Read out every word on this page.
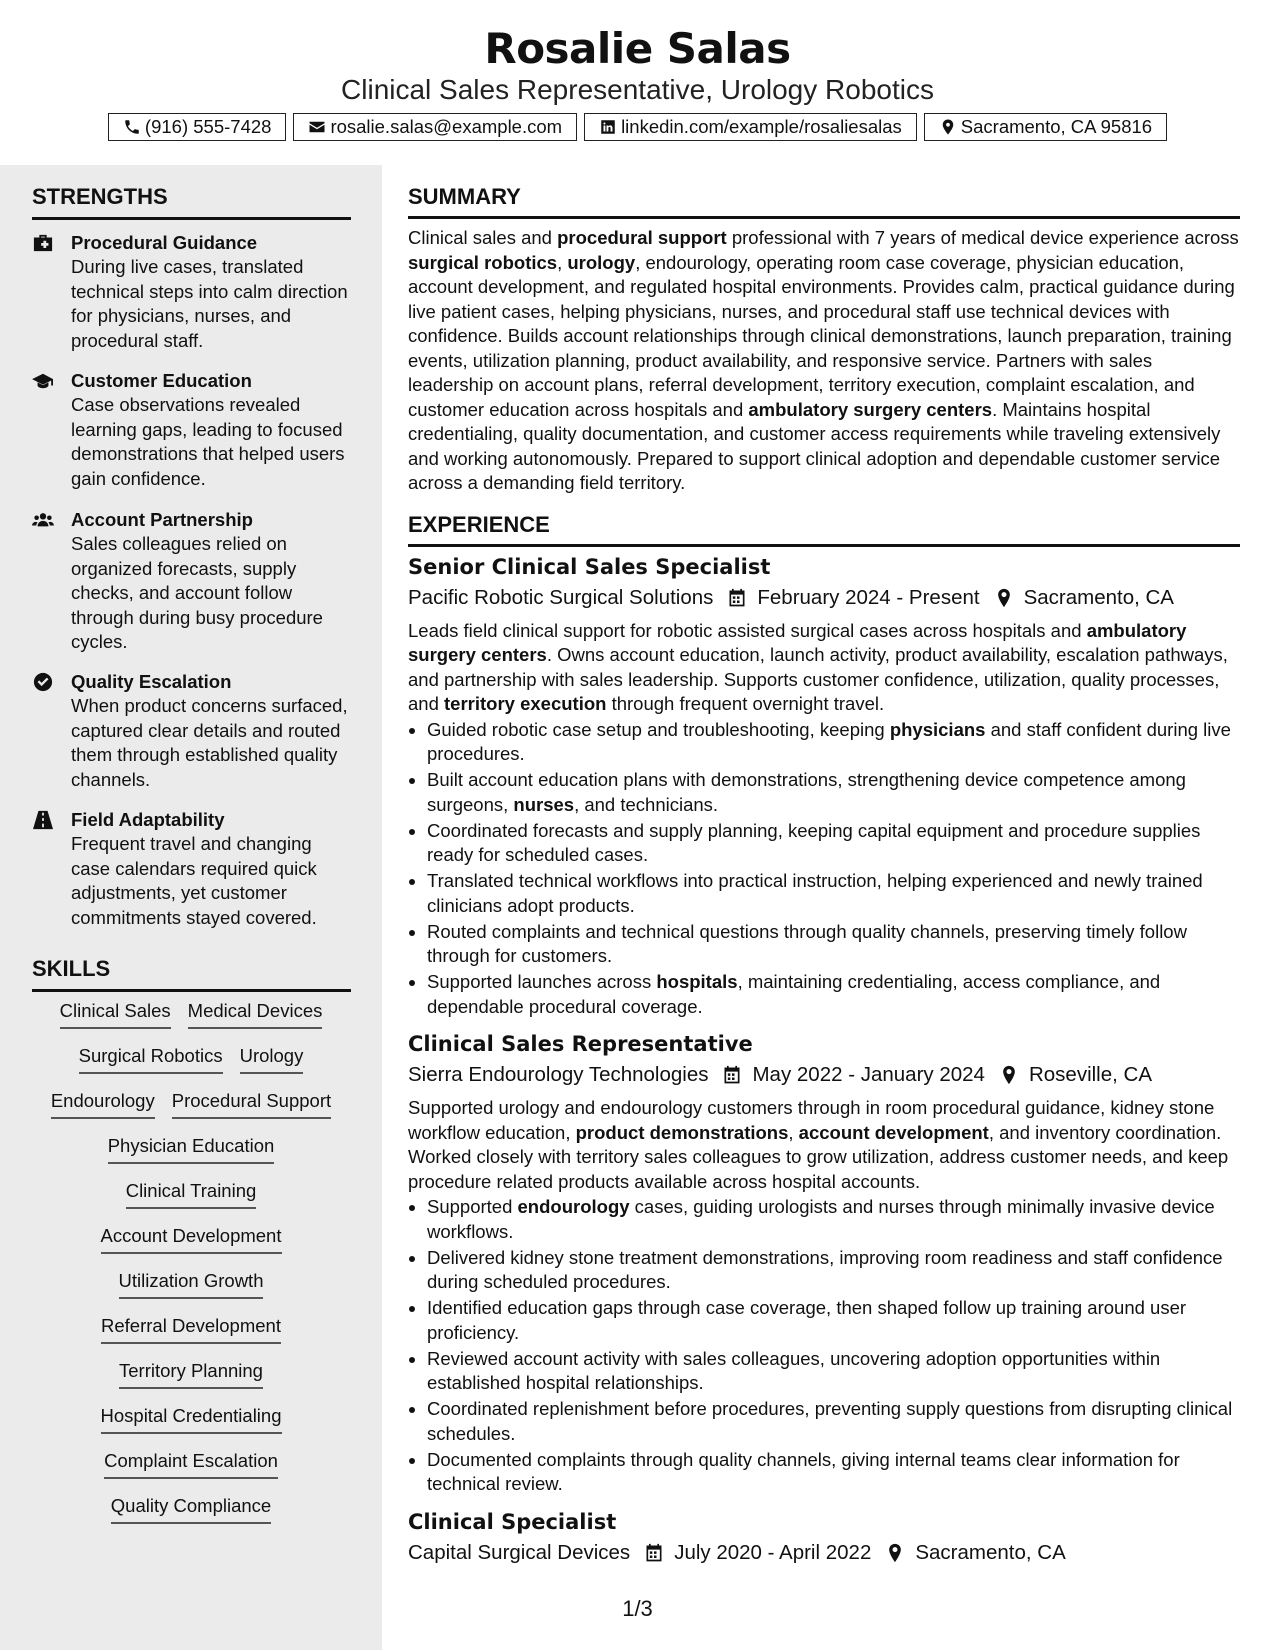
Rosalie Salas
Clinical Sales Representative, Urology Robotics
(916) 555-7428	rosalie.salas@example.com	linkedin.com/example/rosaliesalas	Sacramento, CA 95816
STRENGTHS
Procedural Guidance
During live cases, translated technical steps into calm direction for physicians, nurses, and procedural staff.
Customer Education
Case observations revealed learning gaps, leading to focused demonstrations that helped users gain confidence.
Account Partnership
Sales colleagues relied on organized forecasts, supply checks, and account follow through during busy procedure cycles.
Quality Escalation
When product concerns surfaced, captured clear details and routed them through established quality channels.
Field Adaptability
Frequent travel and changing case calendars required quick adjustments, yet customer commitments stayed covered.
SKILLS
Clinical Sales Medical Devices
Surgical Robotics Urology
Endourology Procedural Support
Physician Education
Clinical Training
Account Development
Utilization Growth
Referral Development
Territory Planning
Hospital Credentialing
Complaint Escalation
Quality Compliance
SUMMARY
Clinical sales and procedural support professional with 7 years of medical device experience across surgical robotics, urology, endourology, operating room case coverage, physician education, account development, and regulated hospital environments. Provides calm, practical guidance during live patient cases, helping physicians, nurses, and procedural staff use technical devices with confidence. Builds account relationships through clinical demonstrations, launch preparation, training events, utilization planning, product availability, and responsive service. Partners with sales leadership on account plans, referral development, territory execution, complaint escalation, and customer education across hospitals and ambulatory surgery centers. Maintains hospital credentialing, quality documentation, and customer access requirements while traveling extensively and working autonomously. Prepared to support clinical adoption and dependable customer service across a demanding field territory.
EXPERIENCE
Senior Clinical Sales Specialist
Pacific Robotic Surgical Solutions February 2024 - Present Sacramento, CA
Leads field clinical support for robotic assisted surgical cases across hospitals and ambulatory surgery centers. Owns account education, launch activity, product availability, escalation pathways, and partnership with sales leadership. Supports customer confidence, utilization, quality processes, and territory execution through frequent overnight travel.
• Guided robotic case setup and troubleshooting, keeping physicians and staff confident during live procedures.
• Built account education plans with demonstrations, strengthening device competence among surgeons, nurses, and technicians.
• Coordinated forecasts and supply planning, keeping capital equipment and procedure supplies ready for scheduled cases.
• Translated technical workflows into practical instruction, helping experienced and newly trained clinicians adopt products.
• Routed complaints and technical questions through quality channels, preserving timely follow through for customers.
• Supported launches across hospitals, maintaining credentialing, access compliance, and dependable procedural coverage.
Clinical Sales Representative
Sierra Endourology Technologies May 2022 - January 2024 Roseville, CA
Supported urology and endourology customers through in room procedural guidance, kidney stone workflow education, product demonstrations, account development, and inventory coordination. Worked closely with territory sales colleagues to grow utilization, address customer needs, and keep procedure related products available across hospital accounts.
• Supported endourology cases, guiding urologists and nurses through minimally invasive device workflows.
• Delivered kidney stone treatment demonstrations, improving room readiness and staff confidence during scheduled procedures.
• Identified education gaps through case coverage, then shaped follow up training around user proficiency.
• Reviewed account activity with sales colleagues, uncovering adoption opportunities within established hospital relationships.
• Coordinated replenishment before procedures, preventing supply questions from disrupting clinical schedules.
• Documented complaints through quality channels, giving internal teams clear information for technical review.
Clinical Specialist
Capital Surgical Devices July 2020 - April 2022 Sacramento, CA
1/3
